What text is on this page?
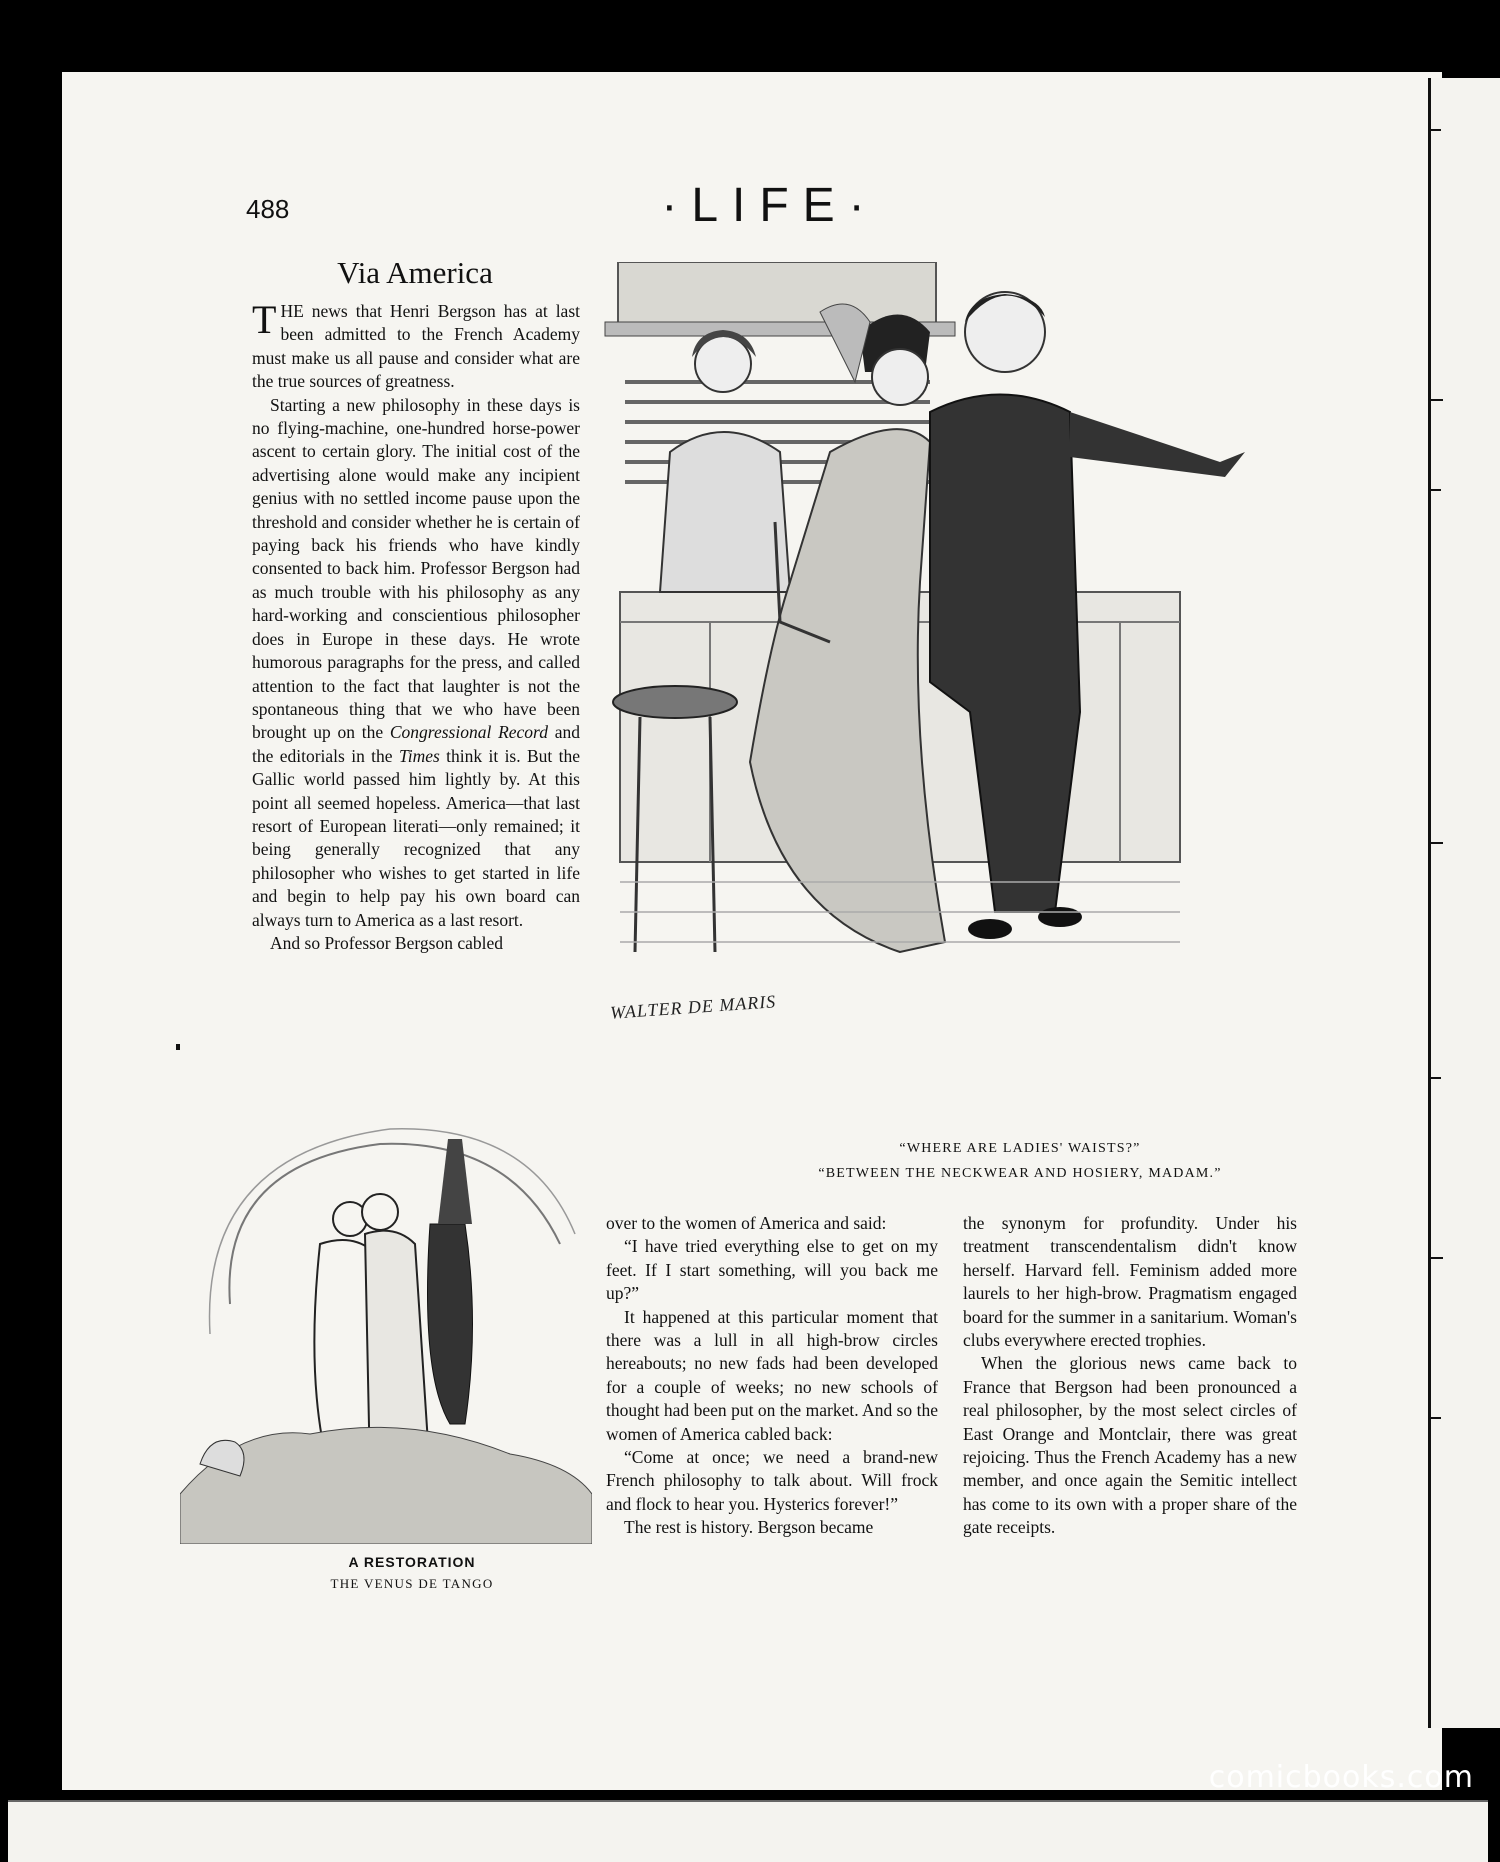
488	·LIFE·
Via America

THE news that Henri Bergson has at last been admitted to the French Academy must make us all pause and consider what are the true sources of greatness.

Starting a new philosophy in these days is no flying-machine, one-hundred horse-power ascent to certain glory. The initial cost of the advertising alone would make any incipient genius with no settled income pause upon the threshold and consider whether he is certain of paying back his friends who have kindly consented to back him. Professor Bergson had as much trouble with his philosophy as any hard-working and conscientious philosopher does in Europe in these days. He wrote humorous paragraphs for the press, and called attention to the fact that laughter is not the spontaneous thing that we who have been brought up on the Congressional Record and the editorials in the Times think it is. But the Gallic world passed him lightly by. At this point all seemed hopeless. America—that last resort of European literati—only remained; it being generally recognized that any philosopher who wishes to get started in life and begin to help pay his own board can always turn to America as a last resort.

And so Professor Bergson cabled

WALTER DE MARIS
“WHERE ARE LADIES' WAISTS?”
“BETWEEN THE NECKWEAR AND HOSIERY, MADAM.”
A RESTORATION
THE VENUS DE TANGO

over to the women of America and said:

“I have tried everything else to get on my feet. If I start something, will you back me up?”

It happened at this particular moment that there was a lull in all high-brow circles hereabouts; no new fads had been developed for a couple of weeks; no new schools of thought had been put on the market. And so the women of America cabled back:

“Come at once; we need a brand-new French philosophy to talk about. Will frock and flock to hear you. Hysterics forever!”

The rest is history. Bergson became

the synonym for profundity. Under his treatment transcendentalism didn't know herself. Harvard fell. Feminism added more laurels to her high-brow. Pragmatism engaged board for the summer in a sanitarium. Woman's clubs everywhere erected trophies.

When the glorious news came back to France that Bergson had been pronounced a real philosopher, by the most select circles of East Orange and Montclair, there was great rejoicing. Thus the French Academy has a new member, and once again the Semitic intellect has come to its own with a proper share of the gate receipts.

comicbooks.com
